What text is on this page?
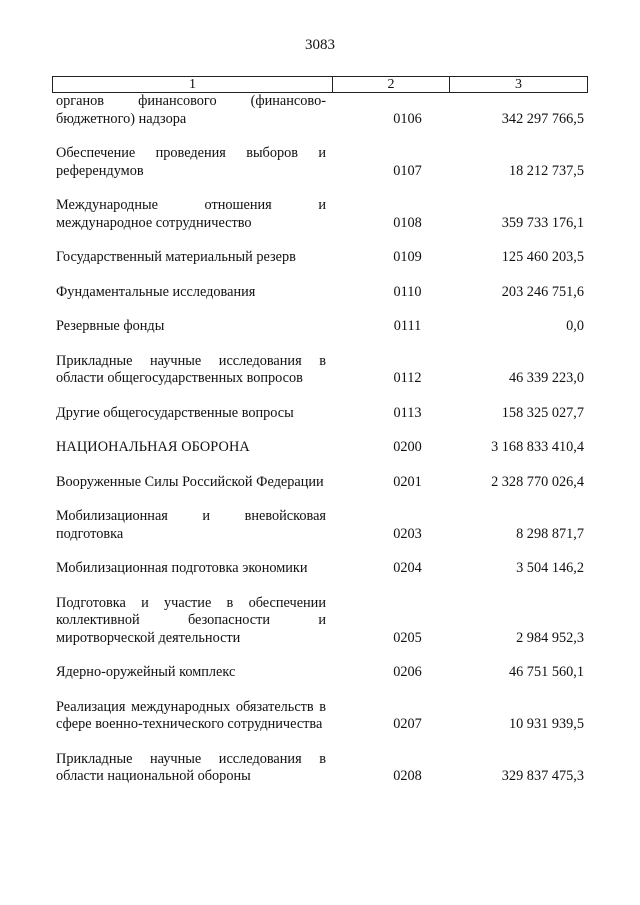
3083
1	2	3
органов финансового (финансово-бюджетного) надзора	0106	342 297 766,5
Обеспечение проведения выборов и референдумов	0107	18 212 737,5
Международные отношения и международное сотрудничество	0108	359 733 176,1
Государственный материальный резерв	0109	125 460 203,5
Фундаментальные исследования	0110	203 246 751,6
Резервные фонды	0111	0,0
Прикладные научные исследования в области общегосударственных вопросов	0112	46 339 223,0
Другие общегосударственные вопросы	0113	158 325 027,7
НАЦИОНАЛЬНАЯ ОБОРОНА	0200	3 168 833 410,4
Вооруженные Силы Российской Федерации	0201	2 328 770 026,4
Мобилизационная и вневойсковая подготовка	0203	8 298 871,7
Мобилизационная подготовка экономики	0204	3 504 146,2
Подготовка и участие в обеспечении коллективной безопасности и миротворческой деятельности	0205	2 984 952,3
Ядерно-оружейный комплекс	0206	46 751 560,1
Реализация международных обязательств в сфере военно-технического сотрудничества	0207	10 931 939,5
Прикладные научные исследования в области национальной обороны	0208	329 837 475,3
